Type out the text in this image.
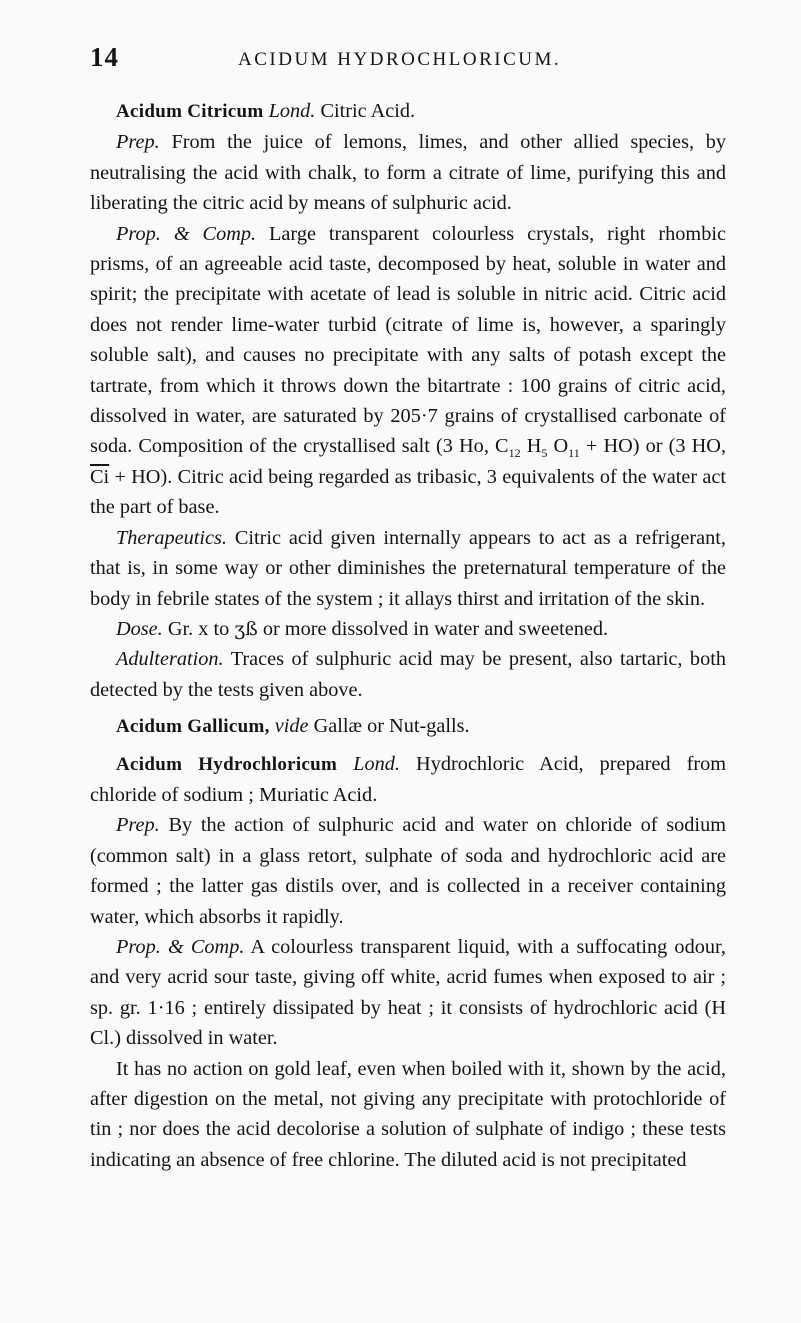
14	ACIDUM HYDROCHLORICUM.

Acidum Citricum Lond. Citric Acid.

Prep. From the juice of lemons, limes, and other allied species, by neutralising the acid with chalk, to form a citrate of lime, purifying this and liberating the citric acid by means of sulphuric acid.

Prop. & Comp. Large transparent colourless crystals, right rhombic prisms, of an agreeable acid taste, decomposed by heat, soluble in water and spirit; the precipitate with acetate of lead is soluble in nitric acid. Citric acid does not render lime-water turbid (citrate of lime is, however, a sparingly soluble salt), and causes no precipitate with any salts of potash except the tartrate, from which it throws down the bitartrate : 100 grains of citric acid, dissolved in water, are saturated by 205·7 grains of crystallised carbonate of soda. Composition of the crystallised salt (3 Ho, $C_{12}$ $H_5$ $O_{11} + HO$) or (3 HO, $\overline{Ci} + HO$). Citric acid being regarded as tribasic, 3 equivalents of the water act the part of base.

Therapeutics. Citric acid given internally appears to act as a refrigerant, that is, in some way or other diminishes the preternatural temperature of the body in febrile states of the system ; it allays thirst and irritation of the skin.

Dose. Gr. x to ʒß or more dissolved in water and sweetened.

Adulteration. Traces of sulphuric acid may be present, also tartaric, both detected by the tests given above.

Acidum Gallicum, vide Gallæ or Nut-galls.

Acidum Hydrochloricum Lond. Hydrochloric Acid, prepared from chloride of sodium ; Muriatic Acid.

Prep. By the action of sulphuric acid and water on chloride of sodium (common salt) in a glass retort, sulphate of soda and hydrochloric acid are formed ; the latter gas distils over, and is collected in a receiver containing water, which absorbs it rapidly.

Prop. & Comp. A colourless transparent liquid, with a suffocating odour, and very acrid sour taste, giving off white, acrid fumes when exposed to air ; sp. gr. 1·16 ; entirely dissipated by heat ; it consists of hydrochloric acid (H Cl.) dissolved in water.

It has no action on gold leaf, even when boiled with it, shown by the acid, after digestion on the metal, not giving any precipitate with protochloride of tin ; nor does the acid decolorise a solution of sulphate of indigo ; these tests indicating an absence of free chlorine. The diluted acid is not precipitated
